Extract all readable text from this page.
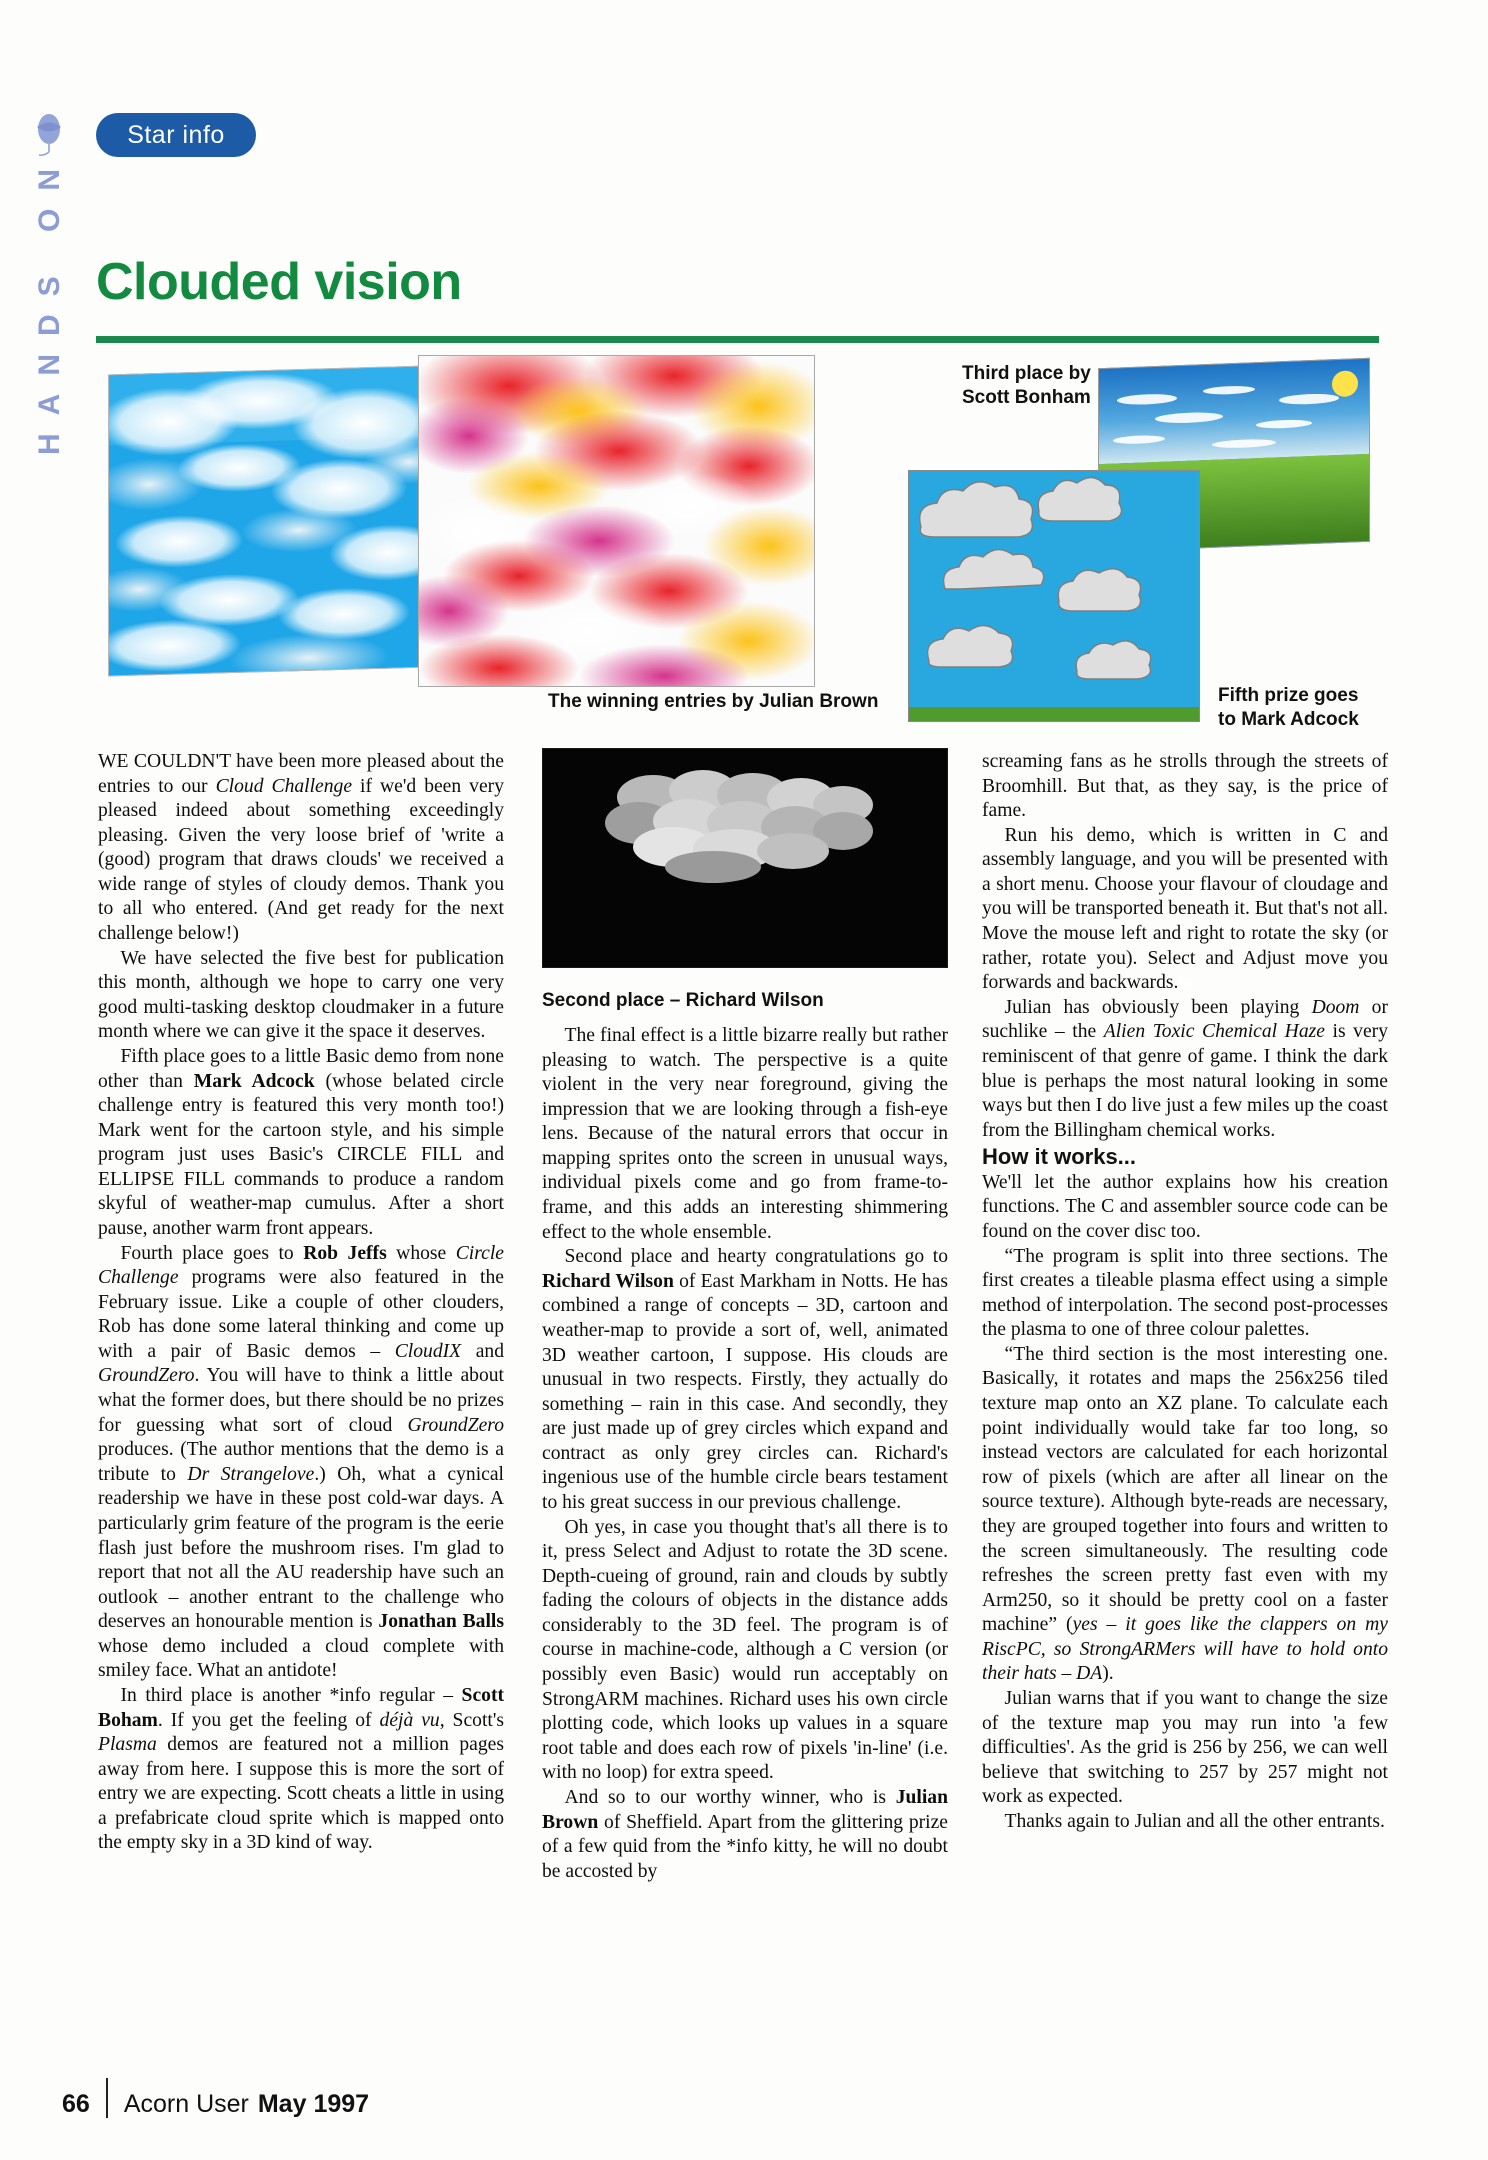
HANDS ON
Star info
Clouded vision
The winning entries by Julian Brown
Third place by
Scott Bonham
Fifth prize goes
to Mark Adcock

WE COULDN'T have been more pleased about the entries to our Cloud Challenge if we'd been very pleased indeed about something exceedingly pleasing. Given the very loose brief of 'write a (good) program that draws clouds' we received a wide range of styles of cloudy demos. Thank you to all who entered. (And get ready for the next challenge below!)

We have selected the five best for publication this month, although we hope to carry one very good multi-tasking desktop cloudmaker in a future month where we can give it the space it deserves.

Fifth place goes to a little Basic demo from none other than Mark Adcock (whose belated circle challenge entry is featured this very month too!) Mark went for the cartoon style, and his simple program just uses Basic's CIRCLE FILL and ELLIPSE FILL commands to produce a random skyful of weather-map cumulus. After a short pause, another warm front appears.

Fourth place goes to Rob Jeffs whose Circle Challenge programs were also featured in the February issue. Like a couple of other clouders, Rob has done some lateral thinking and come up with a pair of Basic demos – CloudIX and GroundZero. You will have to think a little about what the former does, but there should be no prizes for guessing what sort of cloud GroundZero produces. (The author mentions that the demo is a tribute to Dr Strangelove.) Oh, what a cynical readership we have in these post cold-war days. A particularly grim feature of the program is the eerie flash just before the mushroom rises. I'm glad to report that not all the AU readership have such an outlook – another entrant to the challenge who deserves an honourable mention is Jonathan Balls whose demo included a cloud complete with smiley face. What an antidote!

In third place is another *info regular – Scott Boham. If you get the feeling of déjà vu, Scott's Plasma demos are featured not a million pages away from here. I suppose this is more the sort of entry we are expecting. Scott cheats a little in using a prefabricate cloud sprite which is mapped onto the empty sky in a 3D kind of way.

Second place – Richard Wilson

The final effect is a little bizarre really but rather pleasing to watch. The perspective is a quite violent in the very near foreground, giving the impression that we are looking through a fish-eye lens. Because of the natural errors that occur in mapping sprites onto the screen in unusual ways, individual pixels come and go from frame-to-frame, and this adds an interesting shimmering effect to the whole ensemble.

Second place and hearty congratulations go to Richard Wilson of East Markham in Notts. He has combined a range of concepts – 3D, cartoon and weather-map to provide a sort of, well, animated 3D weather cartoon, I suppose. His clouds are unusual in two respects. Firstly, they actually do something – rain in this case. And secondly, they are just made up of grey circles which expand and contract as only grey circles can. Richard's ingenious use of the humble circle bears testament to his great success in our previous challenge.

Oh yes, in case you thought that's all there is to it, press Select and Adjust to rotate the 3D scene. Depth-cueing of ground, rain and clouds by subtly fading the colours of objects in the distance adds considerably to the 3D feel. The program is of course in machine-code, although a C version (or possibly even Basic) would run acceptably on StrongARM machines. Richard uses his own circle plotting code, which looks up values in a square root table and does each row of pixels 'in-line' (i.e. with no loop) for extra speed.

And so to our worthy winner, who is Julian Brown of Sheffield. Apart from the glittering prize of a few quid from the *info kitty, he will no doubt be accosted by

screaming fans as he strolls through the streets of Broomhill. But that, as they say, is the price of fame.

Run his demo, which is written in C and assembly language, and you will be presented with a short menu. Choose your flavour of cloudage and you will be transported beneath it. But that's not all. Move the mouse left and right to rotate the sky (or rather, rotate you). Select and Adjust move you forwards and backwards.

Julian has obviously been playing Doom or suchlike – the Alien Toxic Chemical Haze is very reminiscent of that genre of game. I think the dark blue is perhaps the most natural looking in some ways but then I do live just a few miles up the coast from the Billingham chemical works.

How it works...

We'll let the author explains how his creation functions. The C and assembler source code can be found on the cover disc too.

“The program is split into three sections. The first creates a tileable plasma effect using a simple method of interpolation. The second post-processes the plasma to one of three colour palettes.

“The third section is the most interesting one. Basically, it rotates and maps the 256x256 tiled texture map onto an XZ plane. To calculate each point individually would take far too long, so instead vectors are calculated for each horizontal row of pixels (which are after all linear on the source texture). Although byte-reads are necessary, they are grouped together into fours and written to the screen simultaneously. The resulting code refreshes the screen pretty fast even with my Arm250, so it should be pretty cool on a faster machine” (yes – it goes like the clappers on my RiscPC, so StrongARMers will have to hold onto their hats – DA).

Julian warns that if you want to change the size of the texture map you may run into 'a few difficulties'. As the grid is 256 by 256, we can well believe that switching to 257 by 257 might not work as expected.

Thanks again to Julian and all the other entrants.

66 Acorn User May 1997
